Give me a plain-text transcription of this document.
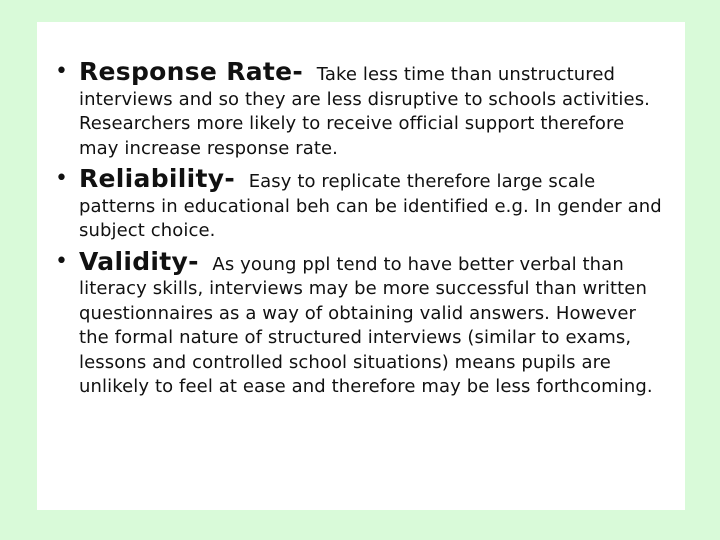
• Response Rate- Take less time than unstructured interviews and so they are less disruptive to schools activities. Researchers more likely to receive official support therefore may increase response rate.
• Reliability- Easy to replicate therefore large scale patterns in educational beh can be identified e.g. In gender and subject choice.
• Validity- As young ppl tend to have better verbal than literacy skills, interviews may be more successful than written questionnaires as a way of obtaining valid answers. However the formal nature of structured interviews (similar to exams, lessons and controlled school situations) means pupils are unlikely to feel at ease and therefore may be less forthcoming.
